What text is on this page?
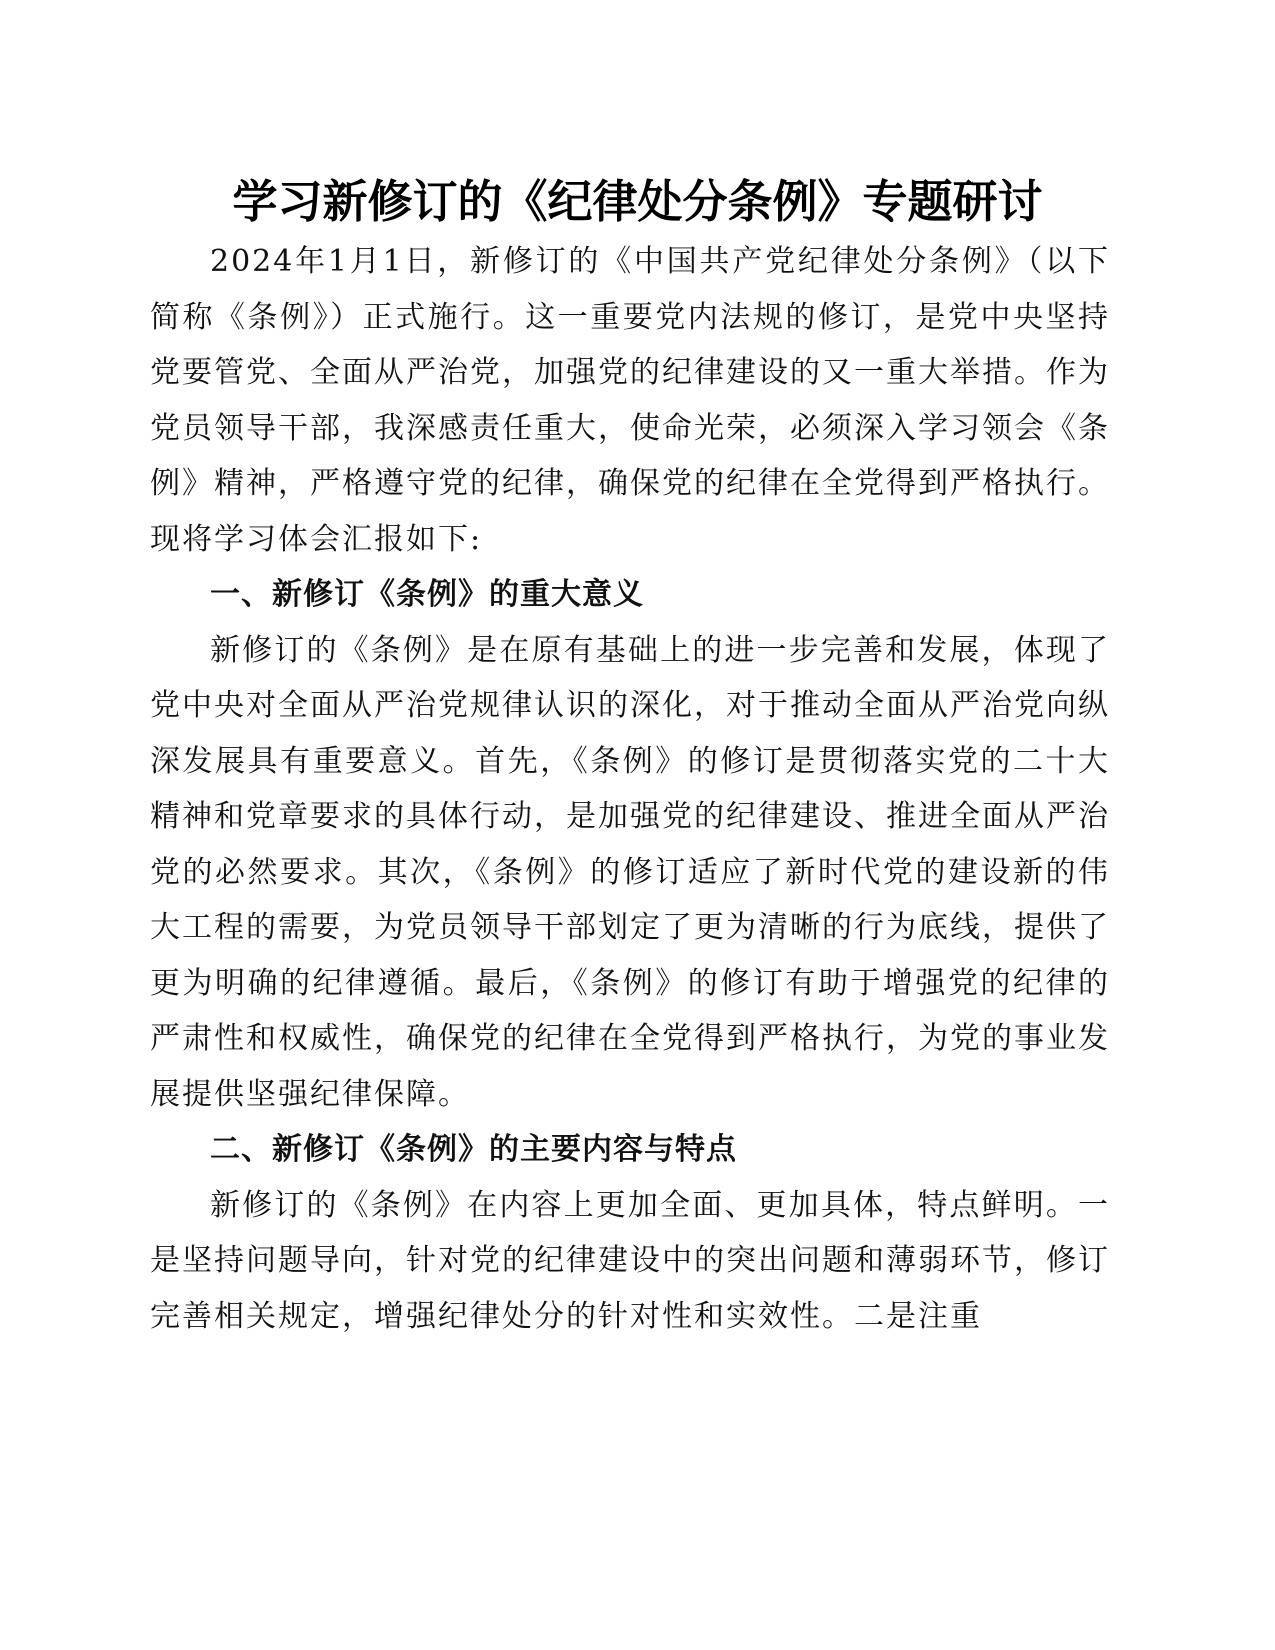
学习新修订的《纪律处分条例》专题研讨

2024年1月1日，新修订的《中国共产党纪律处分条例》（以下简称《条例》）正式施行。这一重要党内法规的修订，是党中央坚持党要管党、全面从严治党，加强党的纪律建设的又一重大举措。作为党员领导干部，我深感责任重大，使命光荣，必须深入学习领会《条例》精神，严格遵守党的纪律，确保党的纪律在全党得到严格执行。现将学习体会汇报如下:

一、新修订《条例》的重大意义

新修订的《条例》是在原有基础上的进一步完善和发展，体现了党中央对全面从严治党规律认识的深化，对于推动全面从严治党向纵深发展具有重要意义。首先，《条例》的修订是贯彻落实党的二十大精神和党章要求的具体行动，是加强党的纪律建设、推进全面从严治党的必然要求。其次，《条例》的修订适应了新时代党的建设新的伟大工程的需要，为党员领导干部划定了更为清晰的行为底线，提供了更为明确的纪律遵循。最后，《条例》的修订有助于增强党的纪律的严肃性和权威性，确保党的纪律在全党得到严格执行，为党的事业发展提供坚强纪律保障。

二、新修订《条例》的主要内容与特点

新修订的《条例》在内容上更加全面、更加具体，特点鲜明。一是坚持问题导向，针对党的纪律建设中的突出问题和薄弱环节，修订完善相关规定，增强纪律处分的针对性和实效性。二是注重
